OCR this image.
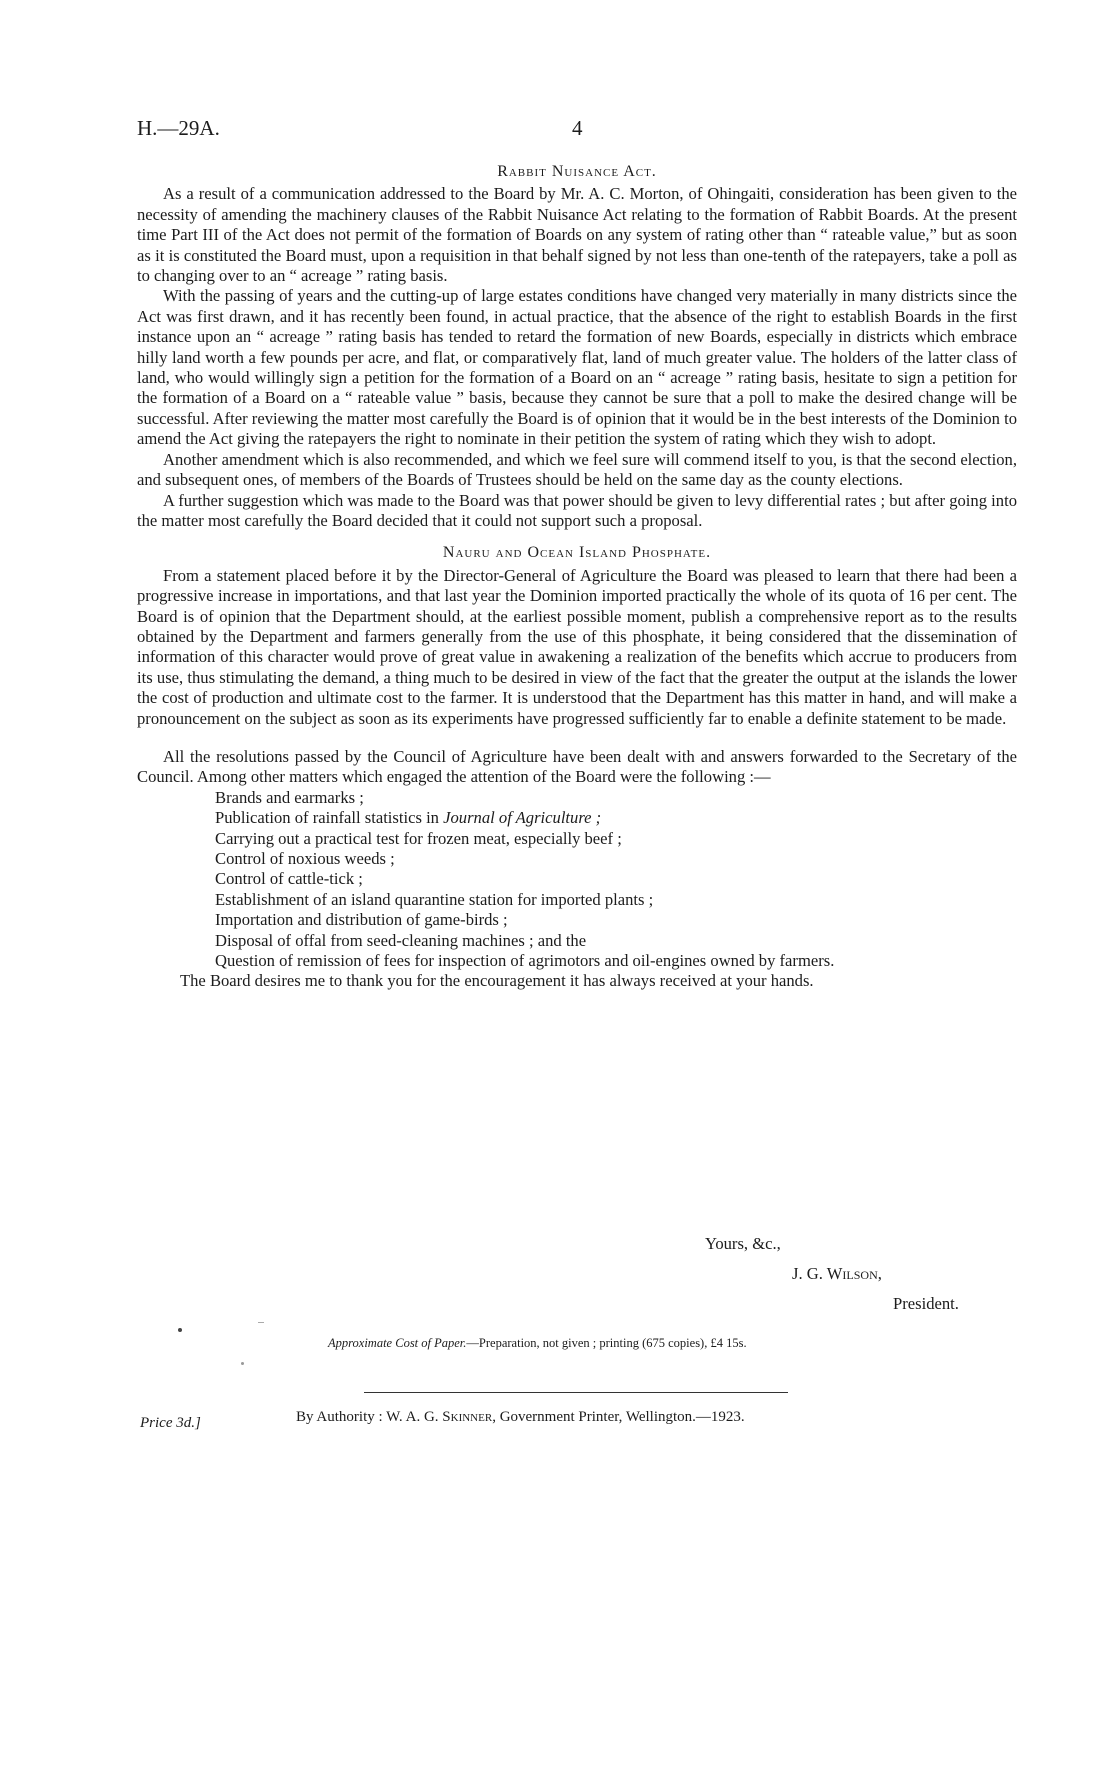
H.—29A.	4
Rabbit Nuisance Act.

As a result of a communication addressed to the Board by Mr. A. C. Morton, of Ohingaiti, consideration has been given to the necessity of amending the machinery clauses of the Rabbit Nuisance Act relating to the formation of Rabbit Boards. At the present time Part III of the Act does not permit of the formation of Boards on any system of rating other than “ rateable value,” but as soon as it is constituted the Board must, upon a requisition in that behalf signed by not less than one-tenth of the ratepayers, take a poll as to changing over to an “ acreage ” rating basis.

With the passing of years and the cutting-up of large estates conditions have changed very materially in many districts since the Act was first drawn, and it has recently been found, in actual practice, that the absence of the right to establish Boards in the first instance upon an “ acreage ” rating basis has tended to retard the formation of new Boards, especially in districts which embrace hilly land worth a few pounds per acre, and flat, or comparatively flat, land of much greater value. The holders of the latter class of land, who would willingly sign a petition for the formation of a Board on an “ acreage ” rating basis, hesitate to sign a petition for the formation of a Board on a “ rateable value ” basis, because they cannot be sure that a poll to make the desired change will be successful. After reviewing the matter most carefully the Board is of opinion that it would be in the best interests of the Dominion to amend the Act giving the ratepayers the right to nominate in their petition the system of rating which they wish to adopt.

Another amendment which is also recommended, and which we feel sure will commend itself to you, is that the second election, and subsequent ones, of members of the Boards of Trustees should be held on the same day as the county elections.

A further suggestion which was made to the Board was that power should be given to levy differential rates ; but after going into the matter most carefully the Board decided that it could not support such a proposal.

Nauru and Ocean Island Phosphate.

From a statement placed before it by the Director-General of Agriculture the Board was pleased to learn that there had been a progressive increase in importations, and that last year the Dominion imported practically the whole of its quota of 16 per cent. The Board is of opinion that the Department should, at the earliest possible moment, publish a comprehensive report as to the results obtained by the Department and farmers generally from the use of this phosphate, it being considered that the dissemination of information of this character would prove of great value in awakening a realization of the benefits which accrue to producers from its use, thus stimulating the demand, a thing much to be desired in view of the fact that the greater the output at the islands the lower the cost of production and ultimate cost to the farmer. It is understood that the Department has this matter in hand, and will make a pronouncement on the subject as soon as its experiments have progressed sufficiently far to enable a definite statement to be made.

All the resolutions passed by the Council of Agriculture have been dealt with and answers forwarded to the Secretary of the Council. Among other matters which engaged the attention of the Board were the following :—

Brands and earmarks ;
Publication of rainfall statistics in Journal of Agriculture ;
Carrying out a practical test for frozen meat, especially beef ;
Control of noxious weeds ;
Control of cattle-tick ;
Establishment of an island quarantine station for imported plants ;
Importation and distribution of game-birds ;
Disposal of offal from seed-cleaning machines ; and the
Question of remission of fees for inspection of agrimotors and oil-engines owned by farmers.

The Board desires me to thank you for the encouragement it has always received at your hands.

Yours, &c.,
J. G. Wilson,
President.
Approximate Cost of Paper.—Preparation, not given ; printing (675 copies), £4 15s.
Price 3d.]	By Authority : W. A. G. Skinner, Government Printer, Wellington.—1923.
